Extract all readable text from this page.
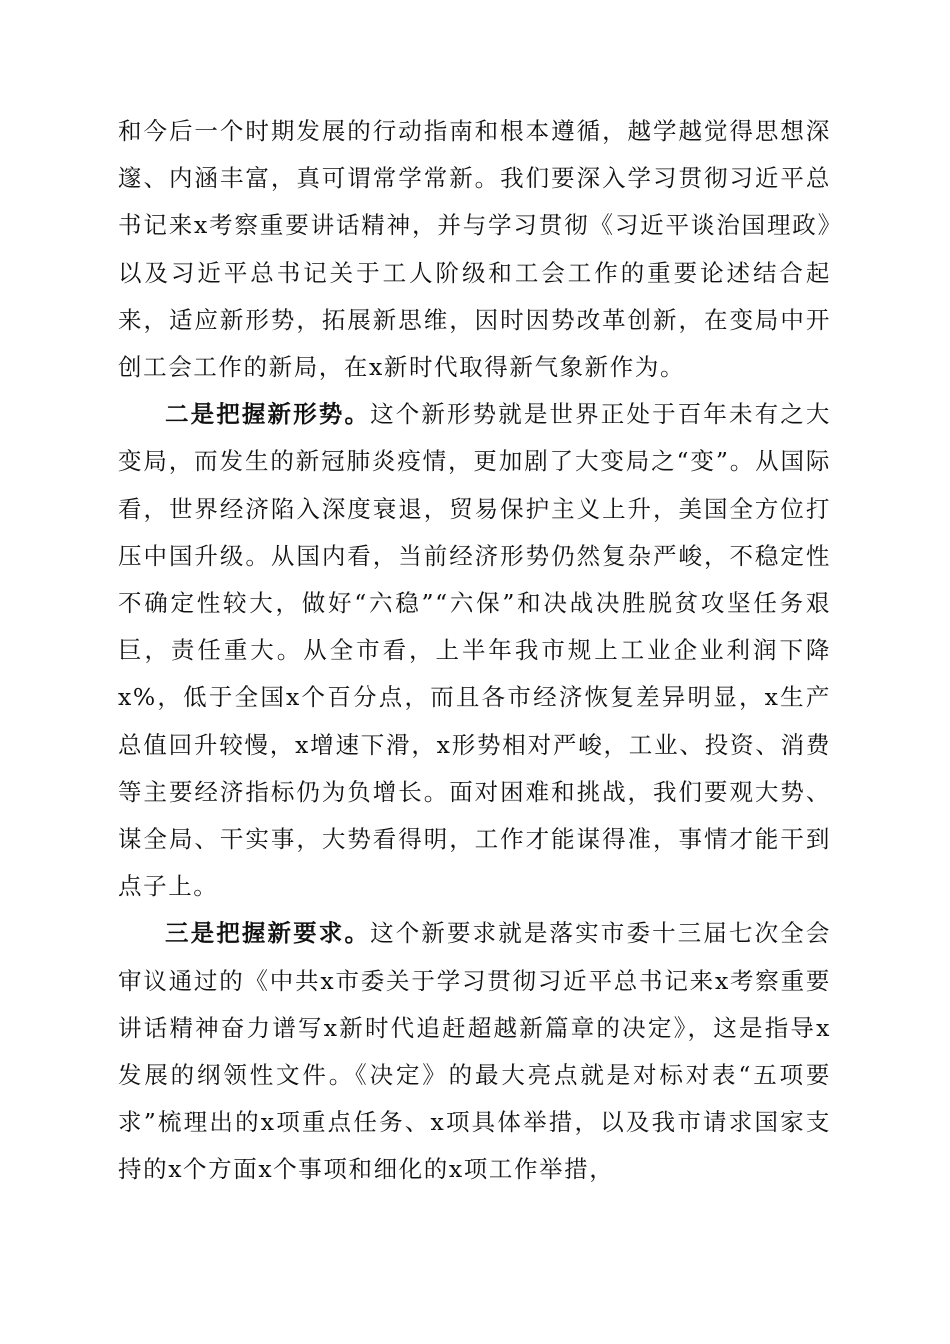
和今后一个时期发展的行动指南和根本遵循，越学越觉得思想深邃、内涵丰富，真可谓常学常新。我们要深入学习贯彻习近平总书记来x考察重要讲话精神，并与学习贯彻《习近平谈治国理政》以及习近平总书记关于工人阶级和工会工作的重要论述结合起来，适应新形势，拓展新思维，因时因势改革创新，在变局中开创工会工作的新局，在x新时代取得新气象新作为。

二是把握新形势。这个新形势就是世界正处于百年未有之大变局，而发生的新冠肺炎疫情，更加剧了大变局之“变”。从国际看，世界经济陷入深度衰退，贸易保护主义上升，美国全方位打压中国升级。从国内看，当前经济形势仍然复杂严峻，不稳定性不确定性较大，做好“六稳”“六保”和决战决胜脱贫攻坚任务艰巨，责任重大。从全市看，上半年我市规上工业企业利润下降x%，低于全国x个百分点，而且各市经济恢复差异明显，x生产总值回升较慢，x增速下滑，x形势相对严峻，工业、投资、消费等主要经济指标仍为负增长。面对困难和挑战，我们要观大势、谋全局、干实事，大势看得明，工作才能谋得准，事情才能干到点子上。

三是把握新要求。这个新要求就是落实市委十三届七次全会审议通过的《中共x市委关于学习贯彻习近平总书记来x考察重要讲话精神奋力谱写x新时代追赶超越新篇章的决定》，这是指导x发展的纲领性文件。《决定》的最大亮点就是对标对表“五项要求”梳理出的x项重点任务、x项具体举措，以及我市请求国家支持的x个方面x个事项和细化的x项工作举措，
